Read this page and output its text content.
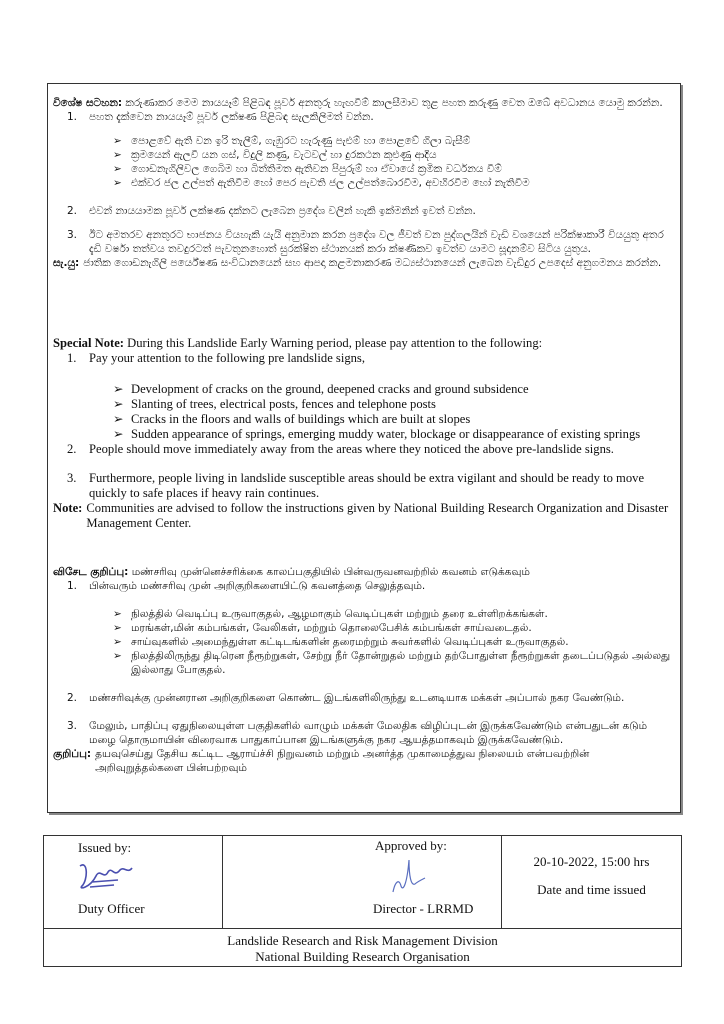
විශේෂ සටහන: කරුණාකර මෙම නායයෑම් පිළිබඳ පූර්ව අනතුරු හැඟවීම් කාලසීමාව තුළ පහත කරුණු වෙත ඔබේ අවධානය යොමු කරන්න.
1.	පහත දැක්වෙන නායයෑම් පූර්ව ලක්ෂණ පිළිබඳ සැලකිලිමත් වන්න.
➢ පොළවේ ඇති වන ඉරි තැලීම්, ගැඹුරට හැරුණු පැළුම් හා පොළවේ ගිලා බැසීම්
➢ ක්‍රමයෙන් ඇලවී යන ගස්, විදුලි කණු, වැටවල් හා දුරකථන කුළුණු ආදිය
➢ ගොඩනැගිලිවල ගෙබිම හා බිත්තිමත ඇතිවන පිපුරුම් හා ඒවායේ ක්‍රමික වර්ධනය වීම්
➢ එක්වර ජල උල්පත් ඇතිවීම හෝ පෙර පැවති ජල උල්පත්බොරවීම, අවහිරවීම හෝ නැතිවීම
2.	එවන් නායයාමක පූර්ව ලක්ෂණ දක්නට ලැබෙන ප්‍රදේශ වලින් හැකි ඉක්මනින් ඉවත් වන්න.
3.	ඊට අමතරව අනතුරට භාජනය වියහැකි යැයි අනුමාන කරන ප්‍රදේශ වල ජීවත් වන පුද්ගලයින් වැඩි වශයෙන් පරික්ෂාකාරී වියයුතු අතර දැඩි වර්ෂා තත්වය තවදුරටත් පැවතුනහොත් සුරක්ෂිත ස්ථානයක් කරා ක්ෂණිකව ඉවත්ව යාමට සූදානම්ව සිටිය යුතුය.
සැ.යු: ජාතික ගොඩනැගිලි පර්යේෂණ සංවිධානයෙන් සහ ආපදා කළමනාකරණ මධ්‍යස්ථානයෙන් ලැබෙන වැඩිදුර උපදෙස් අනුගමනය කරන්න.
Special Note: During this Landslide Early Warning period, please pay attention to the following:
1. Pay your attention to the following pre landslide signs,
➢ Development of cracks on the ground, deepened cracks and ground subsidence
➢ Slanting of trees, electrical posts, fences and telephone posts
➢ Cracks in the floors and walls of buildings which are built at slopes
➢ Sudden appearance of springs, emerging muddy water, blockage or disappearance of existing springs
2. People should move immediately away from the areas where they noticed the above pre-landslide signs.
3. Furthermore, people living in landslide susceptible areas should be extra vigilant and should be ready to move quickly to safe places if heavy rain continues.
Note: Communities are advised to follow the instructions given by National Building Research Organization and Disaster Management Center.
விசேட குறிப்பு: மண்சரிவு முன்னெச்சரிக்கை காலப்பகுதியில் பின்வருவனவற்றில் கவனம் எடுக்கவும்
1.	பின்வரும் மண்சரிவு முன் அறிகுறிகளையிட்டு கவனத்தை செலுத்தவும்.
➢ நிலத்தில் வெடிப்பு உருவாகுதல், ஆழமாகும் வெடிப்புகள் மற்றும் தரை உள்ளிறக்கங்கள்.
➢ மரங்கள்,மின் கம்பங்கள், வேலிகள், மற்றும் தொலைபேசிக் கம்பங்கள் சாய்வடைதல்.
➢ சாய்வுகளில் அமைந்துள்ள கட்டிடங்களின் தரைமற்றும் சுவர்களில் வெடிப்புகள் உருவாகுதல்.
➢ நிலத்திலிருந்து திடிரென நீரூற்றுகள், சேற்று நீர் தோன்றுதல் மற்றும் தற்போதுள்ள நீரூற்றுகள் தடைப்படுதல் அல்லது இல்லாது போகுதல்.
2.	மண்சரிவுக்கு முன்னரான அறிகுறிகளை கொண்ட இடங்களிலிருந்து உடனடியாக மக்கள் அப்பால் நகர வேண்டும்.
3.	மேலும், பாதிப்பு ஏதுநிலையுள்ள பகுதிகளில் வாழும் மக்கள் மேலதிக விழிப்புடன் இருக்கவேண்டும் என்பதுடன் கடும் மழை தொருமாயின் விரைவாக பாதுகாப்பான இடங்களுக்கு நகர ஆயத்தமாகவும் இருக்கவேண்டும்.
குறிப்பு: தயவுசெய்து தேசிய கட்டிட ஆராய்ச்சி நிறுவனம் மற்றும் அனர்த்த முகாமைத்துவ நிலையம் என்பவற்றின் அறிவுறுத்தல்களை பின்பற்றவும்
Issued by:
Duty Officer

Approved by:
Director - LRRMD

20-10-2022, 15:00 hrs
Date and time issued

Landslide Research and Risk Management Division
National Building Research Organisation
